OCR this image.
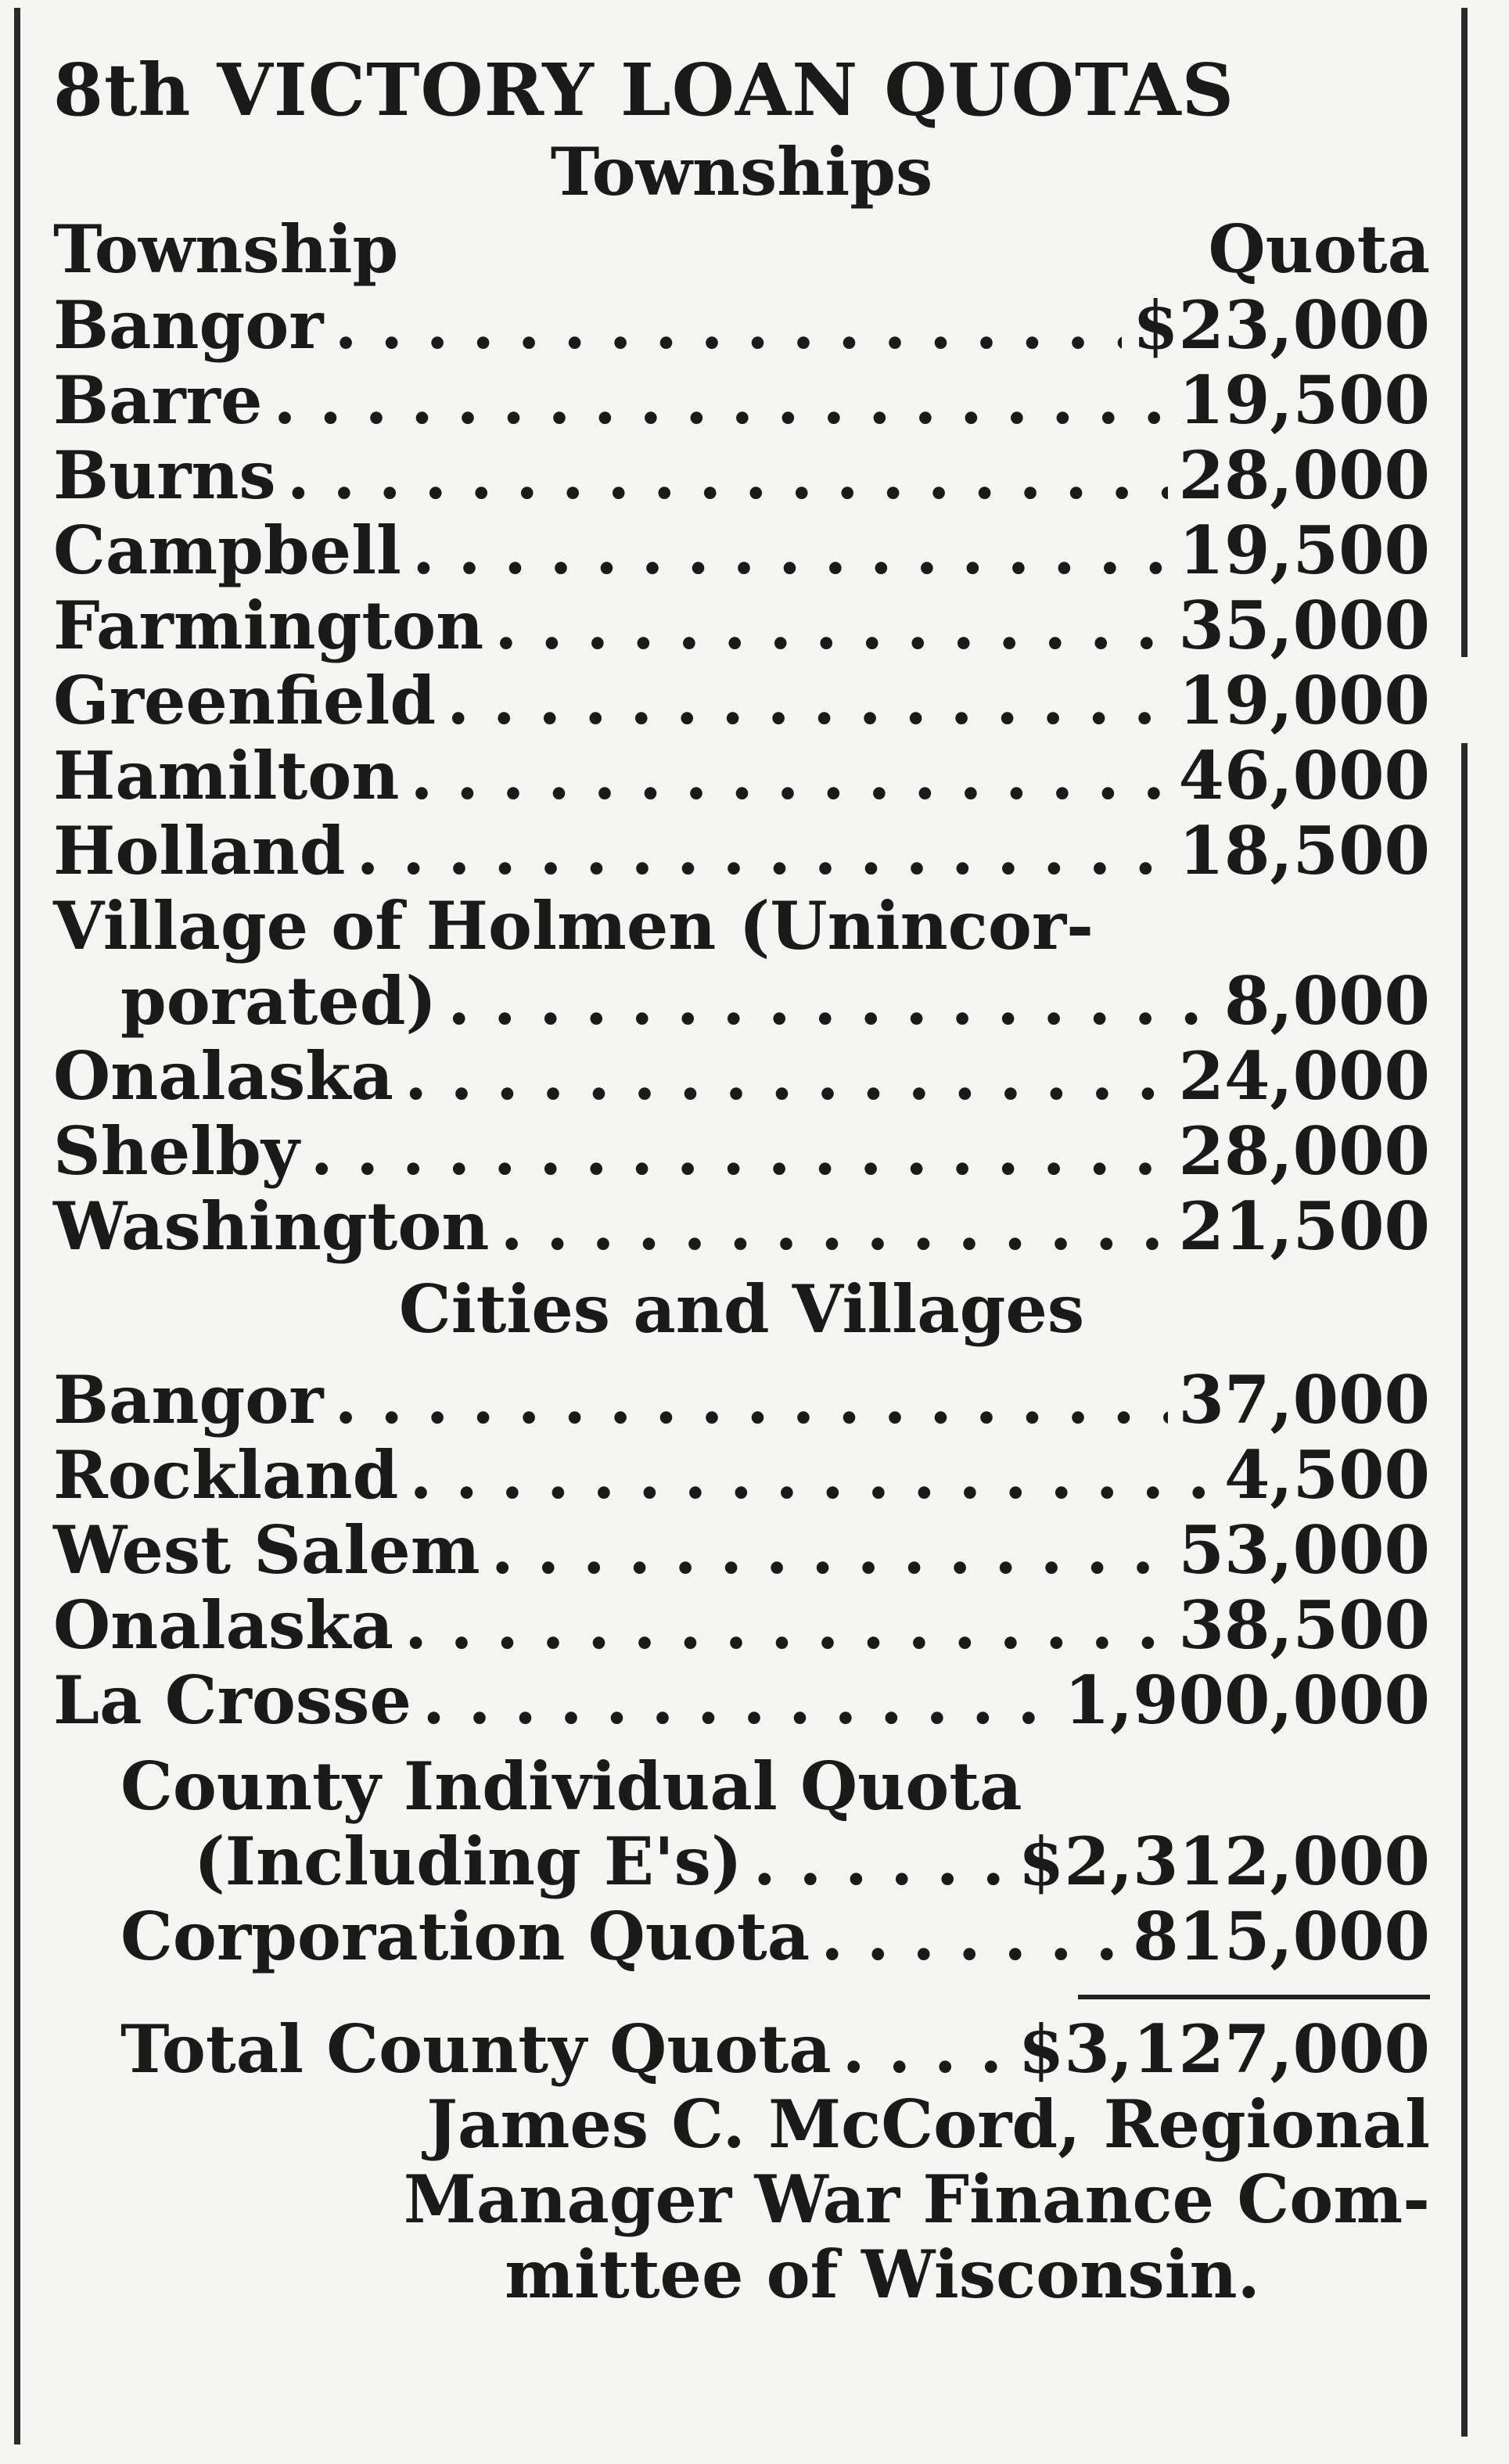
8th VICTORY LOAN QUOTAS
Townships
Township	Quota
Bangor . . .	$23,000
Barre . . .	19,500
Burns . . .	28,000
Campbell . . .	19,500
Farmington . . .	35,000
Greenfield . . .	19,000
Hamilton . . .	46,000
Holland . . .	18,500
Village of Holmen (Unincor-
porated) . . .	8,000
Onalaska . . .	24,000
Shelby . . .	28,000
Washington . . .	21,500
Cities and Villages
Bangor . . .	37,000
Rockland . . .	4,500
West Salem . . .	53,000
Onalaska . . .	38,500
La Crosse . . .	1,900,000
County Individual Quota
(Including E's) . . .	$2,312,000
Corporation Quota . . .	815,000
Total County Quota . . .	$3,127,000
James C. McCord, Regional
Manager War Finance Com-
mittee of Wisconsin.
